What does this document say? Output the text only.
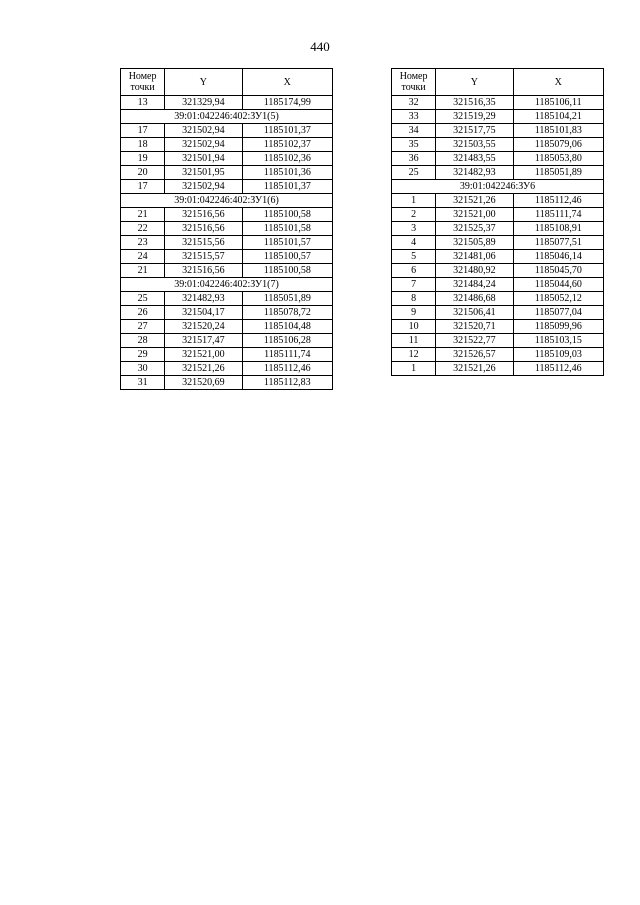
440
Номер точки	Y	X
13	321329,94	1185174,99
39:01:042246:402:ЗУ1(5)		
17	321502,94	1185101,37
18	321502,94	1185102,37
19	321501,94	1185102,36
20	321501,95	1185101,36
17	321502,94	1185101,37
39:01:042246:402:ЗУ1(6)		
21	321516,56	1185100,58
22	321516,56	1185101,58
23	321515,56	1185101,57
24	321515,57	1185100,57
21	321516,56	1185100,58
39:01:042246:402:ЗУ1(7)		
25	321482,93	1185051,89
26	321504,17	1185078,72
27	321520,24	1185104,48
28	321517,47	1185106,28
29	321521,00	1185111,74
30	321521,26	1185112,46
31	321520,69	1185112,83
Номер точки	Y	X
32	321516,35	1185106,11
33	321519,29	1185104,21
34	321517,75	1185101,83
35	321503,55	1185079,06
36	321483,55	1185053,80
25	321482,93	1185051,89
39:01:042246:ЗУ6		
1	321521,26	1185112,46
2	321521,00	1185111,74
3	321525,37	1185108,91
4	321505,89	1185077,51
5	321481,06	1185046,14
6	321480,92	1185045,70
7	321484,24	1185044,60
8	321486,68	1185052,12
9	321506,41	1185077,04
10	321520,71	1185099,96
11	321522,77	1185103,15
12	321526,57	1185109,03
1	321521,26	1185112,46
